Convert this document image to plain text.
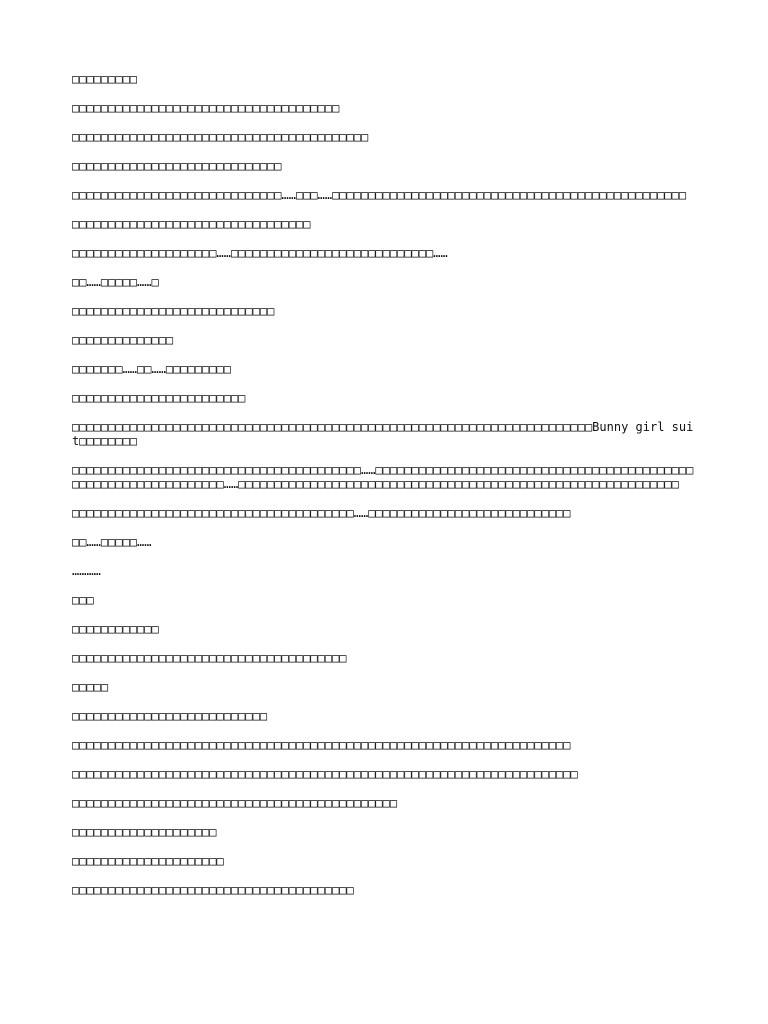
□□□□□□□□□

□□□□□□□□□□□□□□□□□□□□□□□□□□□□□□□□□□□□□

□□□□□□□□□□□□□□□□□□□□□□□□□□□□□□□□□□□□□□□□□

□□□□□□□□□□□□□□□□□□□□□□□□□□□□□

□□□□□□□□□□□□□□□□□□□□□□□□□□□□□……□□□……□□□□□□□□□□□□□□□□□□□□□□□□□□□□□□□□□□□□□□□□□□□□□□□□□

□□□□□□□□□□□□□□□□□□□□□□□□□□□□□□□□□

□□□□□□□□□□□□□□□□□□□□……□□□□□□□□□□□□□□□□□□□□□□□□□□□□……

□□……□□□□□……□

□□□□□□□□□□□□□□□□□□□□□□□□□□□□

□□□□□□□□□□□□□□

□□□□□□□……□□……□□□□□□□□□

□□□□□□□□□□□□□□□□□□□□□□□□

□□□□□□□□□□□□□□□□□□□□□□□□□□□□□□□□□□□□□□□□□□□□□□□□□□□□□□□□□□□□□□□□□□□□□□□□Bunny girl suit□□□□□□□□

□□□□□□□□□□□□□□□□□□□□□□□□□□□□□□□□□□□□□□□□……□□□□□□□□□□□□□□□□□□□□□□□□□□□□□□□□□□□□□□□□□□□□□□□□□□□□□□□□□□□□□□□□□……□□□□□□□□□□□□□□□□□□□□□□□□□□□□□□□□□□□□□□□□□□□□□□□□□□□□□□□□□□□□□

□□□□□□□□□□□□□□□□□□□□□□□□□□□□□□□□□□□□□□□……□□□□□□□□□□□□□□□□□□□□□□□□□□□□

□□……□□□□□……

…………

□□□

□□□□□□□□□□□□

□□□□□□□□□□□□□□□□□□□□□□□□□□□□□□□□□□□□□□

□□□□□

□□□□□□□□□□□□□□□□□□□□□□□□□□□

□□□□□□□□□□□□□□□□□□□□□□□□□□□□□□□□□□□□□□□□□□□□□□□□□□□□□□□□□□□□□□□□□□□□□

□□□□□□□□□□□□□□□□□□□□□□□□□□□□□□□□□□□□□□□□□□□□□□□□□□□□□□□□□□□□□□□□□□□□□□

□□□□□□□□□□□□□□□□□□□□□□□□□□□□□□□□□□□□□□□□□□□□□

□□□□□□□□□□□□□□□□□□□□

□□□□□□□□□□□□□□□□□□□□□

□□□□□□□□□□□□□□□□□□□□□□□□□□□□□□□□□□□□□□□
